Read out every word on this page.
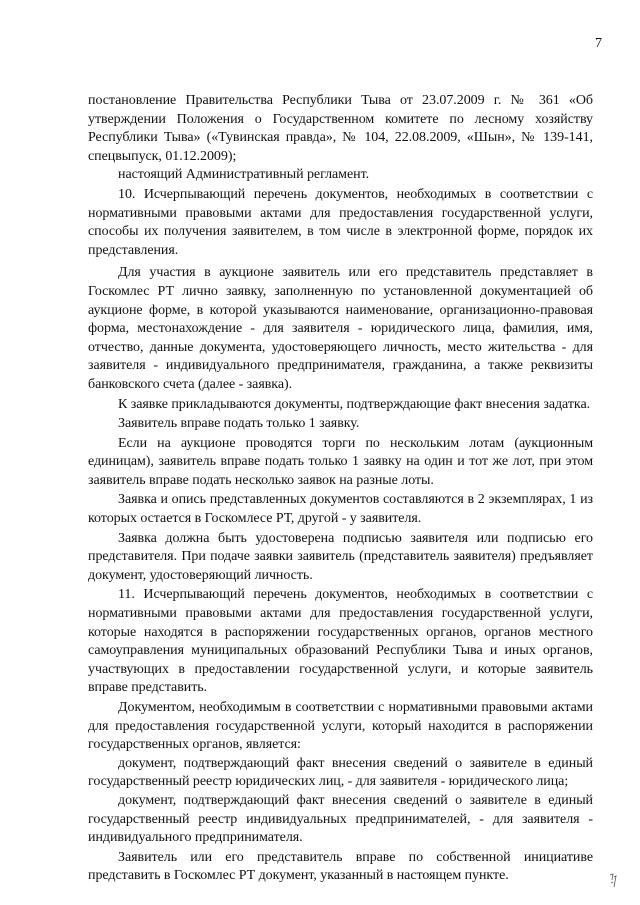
7

постановление Правительства Республики Тыва от 23.07.2009 г. № 361 «Об утверждении Положения о Государственном комитете по лесному хозяйству Республики Тыва» («Тувинская правда», № 104, 22.08.2009, «Шын», № 139-141, спецвыпуск, 01.12.2009);

настоящий Административный регламент.

10. Исчерпывающий перечень документов, необходимых в соответствии с нормативными правовыми актами для предоставления государственной услуги, способы их получения заявителем, в том числе в электронной форме, порядок их представления.

Для участия в аукционе заявитель или его представитель представляет в Госкомлес РТ лично заявку, заполненную по установленной документацией об аукционе форме, в которой указываются наименование, организационно-правовая форма, местонахождение - для заявителя - юридического лица, фамилия, имя, отчество, данные документа, удостоверяющего личность, место жительства - для заявителя - индивидуального предпринимателя, гражданина, а также реквизиты банковского счета (далее - заявка).

К заявке прикладываются документы, подтверждающие факт внесения задатка.

Заявитель вправе подать только 1 заявку.

Если на аукционе проводятся торги по нескольким лотам (аукционным единицам), заявитель вправе подать только 1 заявку на один и тот же лот, при этом заявитель вправе подать несколько заявок на разные лоты.

Заявка и опись представленных документов составляются в 2 экземплярах, 1 из которых остается в Госкомлесе РТ, другой - у заявителя.

Заявка должна быть удостоверена подписью заявителя или подписью его представителя. При подаче заявки заявитель (представитель заявителя) предъявляет документ, удостоверяющий личность.

11. Исчерпывающий перечень документов, необходимых в соответствии с нормативными правовыми актами для предоставления государственной услуги, которые находятся в распоряжении государственных органов, органов местного самоуправления муниципальных образований Республики Тыва и иных органов, участвующих в предоставлении государственной услуги, и которые заявитель вправе представить.

Документом, необходимым в соответствии с нормативными правовыми актами для предоставления государственной услуги, который находится в распоряжении государственных органов, является:

документ, подтверждающий факт внесения сведений о заявителе в единый государственный реестр юридических лиц, - для заявителя - юридического лица;

документ, подтверждающий факт внесения сведений о заявителе в единый государственный реестр индивидуальных предпринимателей, - для заявителя - индивидуального предпринимателя.

Заявитель или его представитель вправе по собственной инициативе представить в Госкомлес РТ документ, указанный в настоящем пункте.
